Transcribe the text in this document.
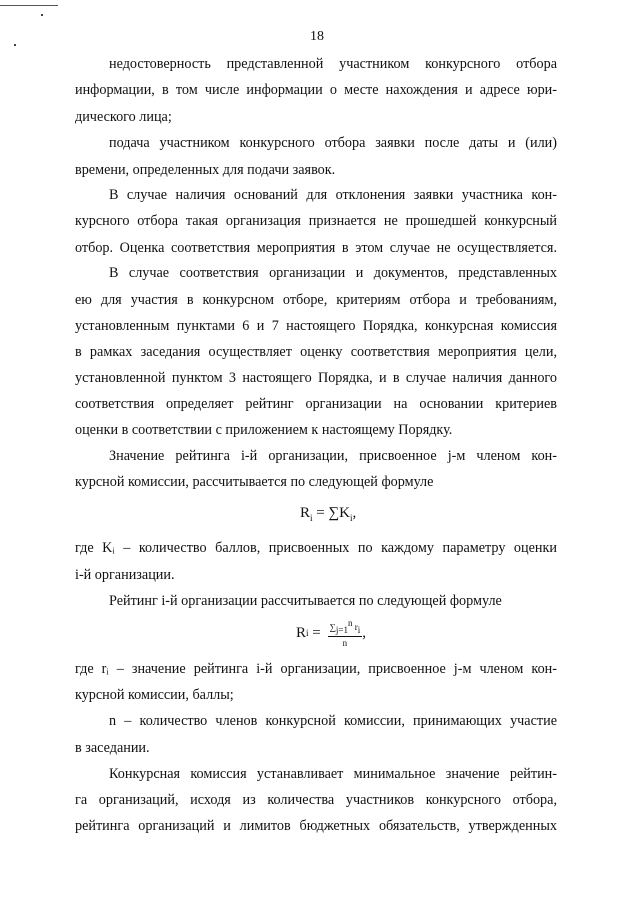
18
недостоверность представленной участником конкурсного отбора
информации, в том числе информации о месте нахождения и адресе юри-
дического лица;
подача участником конкурсного отбора заявки после даты и (или)
времени, определенных для подачи заявок.
В случае наличия оснований для отклонения заявки участника кон-
курсного отбора такая организация признается не прошедшей конкурсный
отбор. Оценка соответствия мероприятия в этом случае не осуществляется.
В случае соответствия организации и документов, представленных
ею для участия в конкурсном отборе, критериям отбора и требованиям,
установленным пунктами 6 и 7 настоящего Порядка, конкурсная комиссия
в рамках заседания осуществляет оценку соответствия мероприятия цели,
установленной пунктом 3 настоящего Порядка, и в случае наличия данного
соответствия определяет рейтинг организации на основании критериев
оценки в соответствии с приложением к настоящему Порядку.
Значение рейтинга i-й организации, присвоенное j-м членом кон-
курсной комиссии, рассчитывается по следующей формуле
где Kᵢ – количество баллов, присвоенных по каждому параметру оценки
i-й организации.
Рейтинг i-й организации рассчитывается по следующей формуле
где rᵢ – значение рейтинга i-й организации, присвоенное j-м членом кон-
курсной комиссии, баллы;
n – количество членов конкурсной комиссии, принимающих участие
в заседании.
Конкурсная комиссия устанавливает минимальное значение рейтин-
га организаций, исходя из количества участников конкурсного отбора,
рейтинга организаций и лимитов бюджетных обязательств, утвержденных
$R_i = \sum K_i$,
R $i = \frac{\sum_{j=1}^n r_i}{n}$ ,
